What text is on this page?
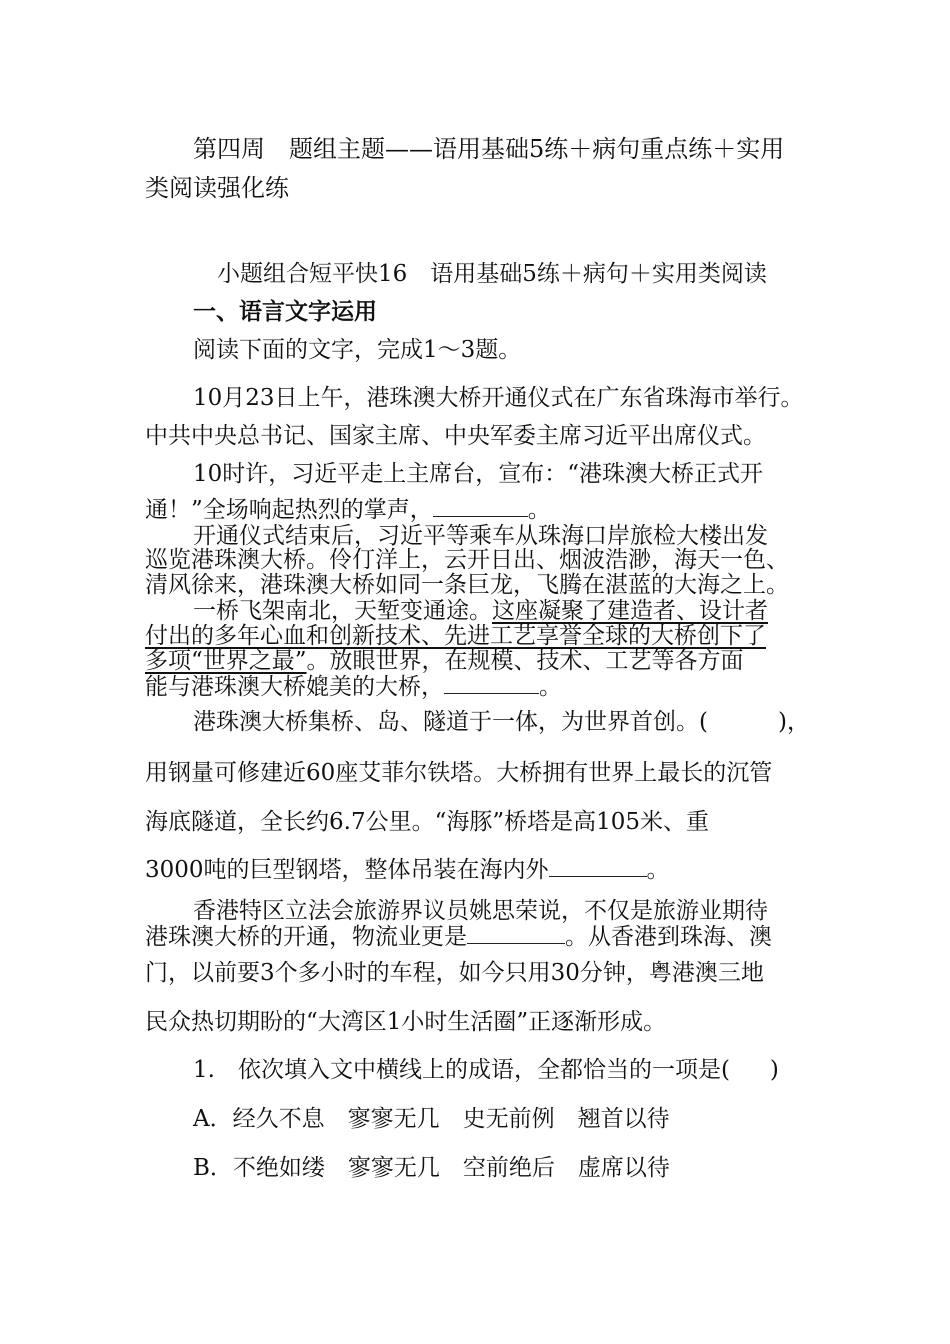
第四周　题组主题——语用基础5练＋病句重点练＋实用
类阅读强化练
小题组合短平快16　语用基础5练＋病句＋实用类阅读
一、语言文字运用
阅读下面的文字，完成1～3题。
10月23日上午，港珠澳大桥开通仪式在广东省珠海市举行。
中共中央总书记、国家主席、中央军委主席习近平出席仪式。
10时许，习近平走上主席台，宣布：“港珠澳大桥正式开
通！”全场响起热烈的掌声，	。
开通仪式结束后，习近平等乘车从珠海口岸旅检大楼出发
巡览港珠澳大桥。伶仃洋上，云开日出、烟波浩渺，海天一色、
清风徐来，港珠澳大桥如同一条巨龙，飞腾在湛蓝的大海之上。
一桥飞架南北，天堑变通途。这座凝聚了建造者、设计者
付出的多年心血和创新技术、先进工艺享誉全球的大桥创下了
多项“世界之最”。放眼世界，在规模、技术、工艺等各方面
能与港珠澳大桥媲美的大桥，	。
港珠澳大桥集桥、岛、隧道于一体，为世界首创。(	)，
用钢量可修建近60座艾菲尔铁塔。大桥拥有世界上最长的沉管
海底隧道，全长约6.7公里。“海豚”桥塔是高105米、重
3000吨的巨型钢塔，整体吊装在海内外	。
香港特区立法会旅游界议员姚思荣说，不仅是旅游业期待
港珠澳大桥的开通，物流业更是	。从香港到珠海、澳
门，以前要3个多小时的车程，如今只用30分钟，粤港澳三地
民众热切期盼的“大湾区1小时生活圈”正逐渐形成。
1.　依次填入文中横线上的成语，全都恰当的一项是( )
A．经久不息　寥寥无几　史无前例　翘首以待
B．不绝如缕　寥寥无几　空前绝后　虚席以待
